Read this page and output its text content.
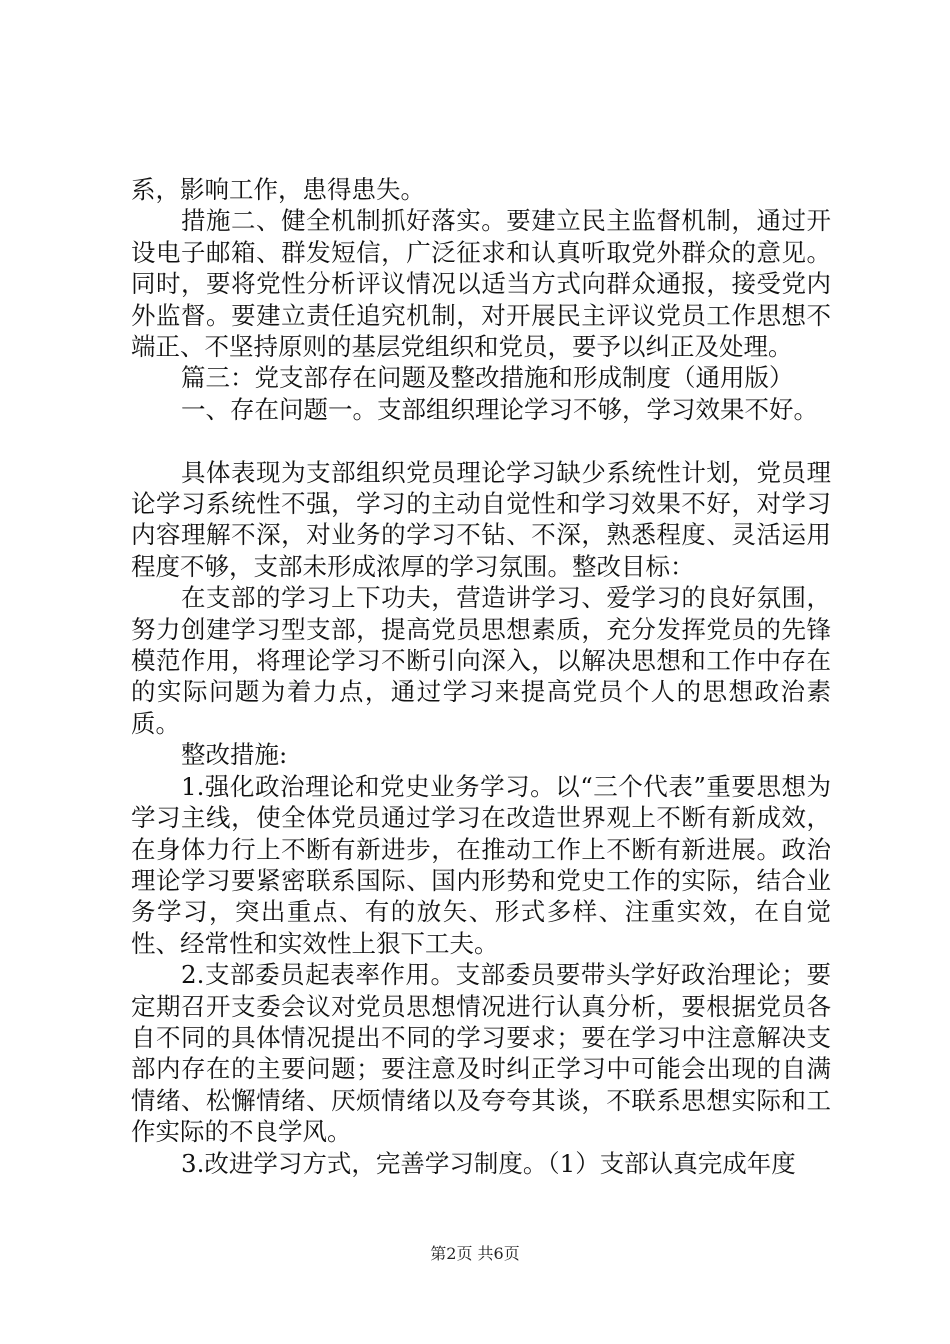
系，影响工作，患得患失。

措施二、健全机制抓好落实。要建立民主监督机制，通过开设电子邮箱、群发短信，广泛征求和认真听取党外群众的意见。同时，要将党性分析评议情况以适当方式向群众通报，接受党内外监督。要建立责任追究机制，对开展民主评议党员工作思想不端正、不坚持原则的基层党组织和党员，要予以纠正及处理。

篇三：党支部存在问题及整改措施和形成制度（通用版）

一、存在问题一。支部组织理论学习不够，学习效果不好。

具体表现为支部组织党员理论学习缺少系统性计划，党员理论学习系统性不强，学习的主动自觉性和学习效果不好，对学习内容理解不深，对业务的学习不钻、不深，熟悉程度、灵活运用程度不够，支部未形成浓厚的学习氛围。整改目标：

在支部的学习上下功夫，营造讲学习、爱学习的良好氛围，努力创建学习型支部，提高党员思想素质，充分发挥党员的先锋模范作用，将理论学习不断引向深入，以解决思想和工作中存在的实际问题为着力点，通过学习来提高党员个人的思想政治素质。

整改措施:

1.强化政治理论和党史业务学习。以“三个代表”重要思想为学习主线，使全体党员通过学习在改造世界观上不断有新成效，在身体力行上不断有新进步，在推动工作上不断有新进展。政治理论学习要紧密联系国际、国内形势和党史工作的实际，结合业务学习，突出重点、有的放矢、形式多样、注重实效，在自觉性、经常性和实效性上狠下工夫。

2.支部委员起表率作用。支部委员要带头学好政治理论；要定期召开支委会议对党员思想情况进行认真分析，要根据党员各自不同的具体情况提出不同的学习要求；要在学习中注意解决支部内存在的主要问题；要注意及时纠正学习中可能会出现的自满情绪、松懈情绪、厌烦情绪以及夸夸其谈，不联系思想实际和工作实际的不良学风。

3.改进学习方式，完善学习制度。（1）支部认真完成年度

第2页 共6页
